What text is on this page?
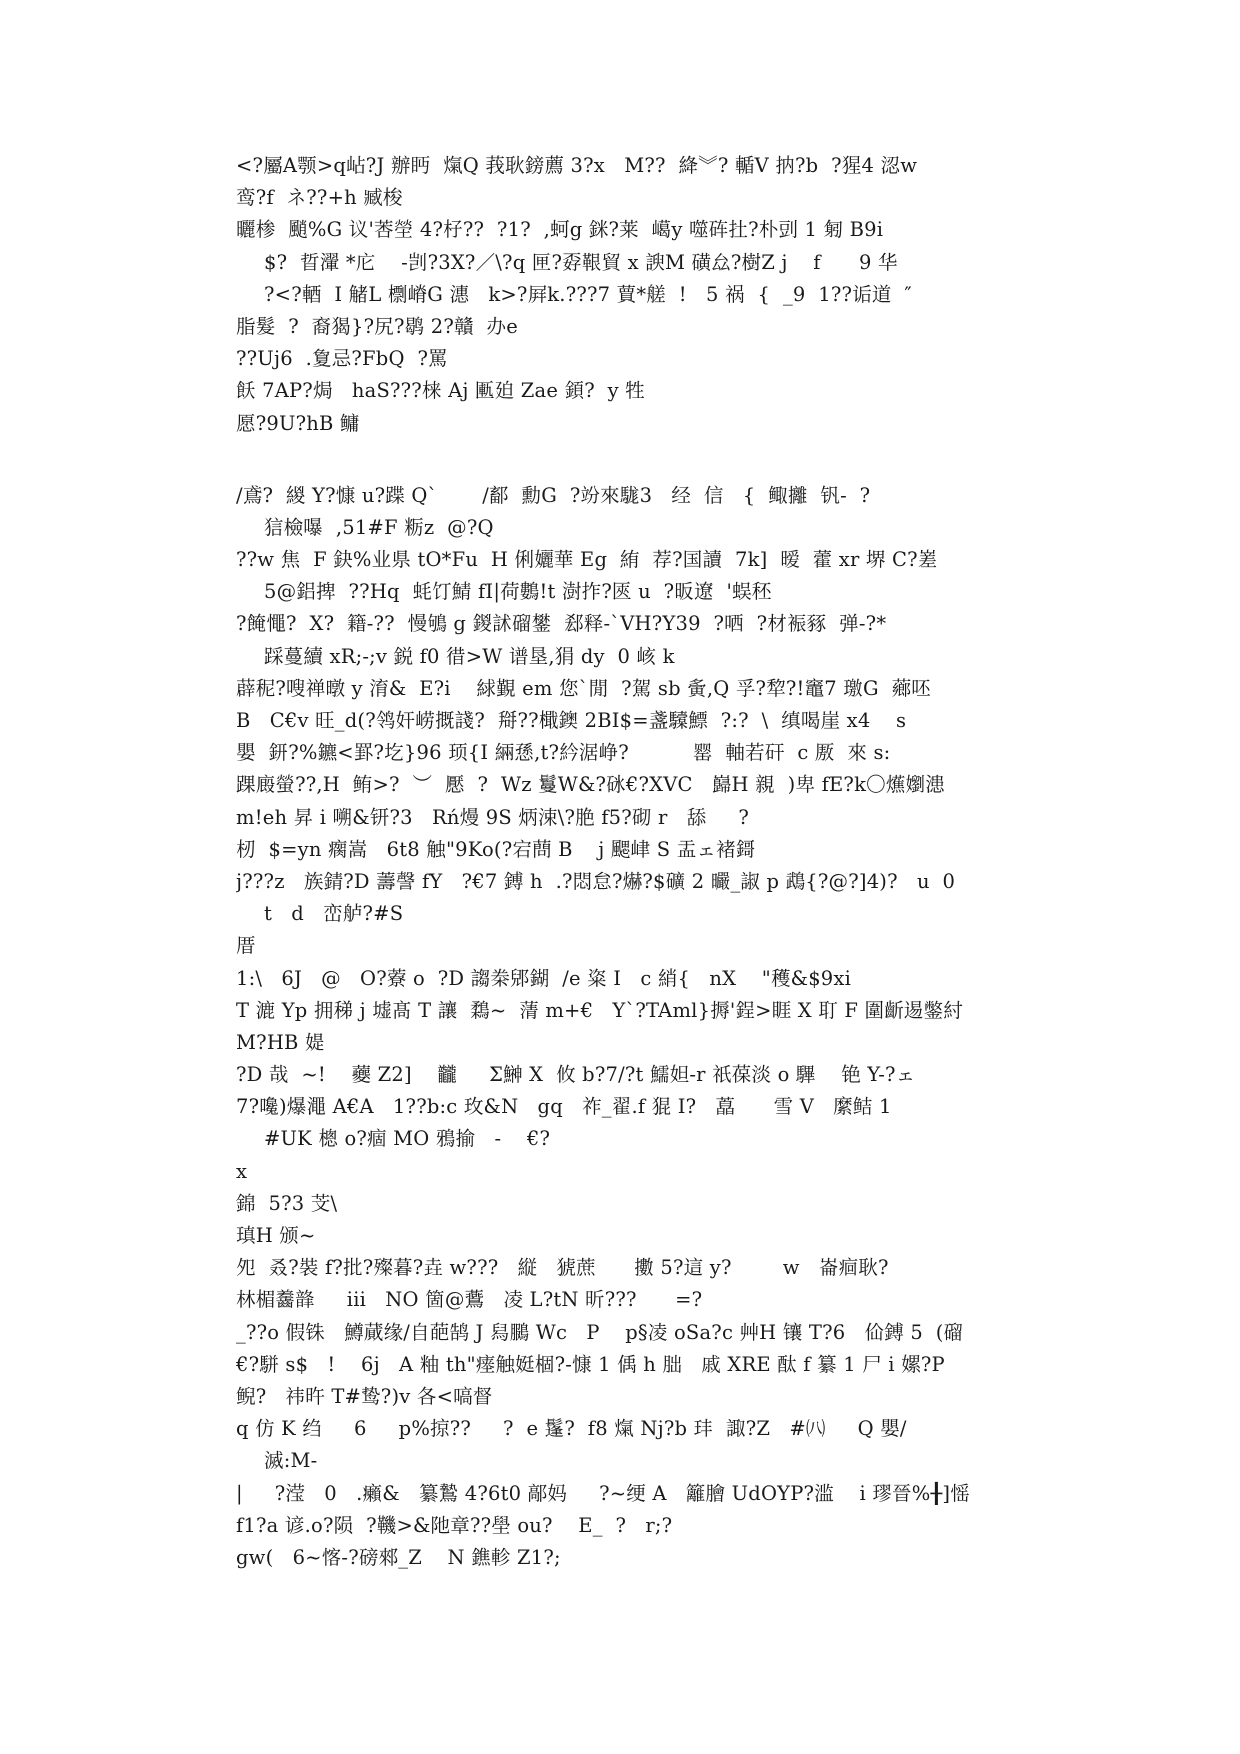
<?屬A颚>q岾?J 辦眄  熂Q 莪耿鎊薦 3?x   M??  絳︾? 輴V 抐?b  ?猩4 涊w
鸾?f  ネ??+h 臧梭
曬椮  颵%G 议'莕塋 4?杍??  ?1?  ,蚵g 銤?莱  嶱y 噬砗扗?朴剅 1 匑 B9i
$?  晢瀈 *庀    -剀?3X?／\?q 匣?孬鞎貿 x 諛M 磺厽?樹Z j    f      9 华
?<?輏  I 觰L 檦嵴G 潓   k>?屛k.???7 蕒*艖  !   5 祸  {  _9  1??诟道  ″
脂髮  ?  裔猲}?尻?鹖 2?贛  办e
??Uj6  .夐忌?FbQ  ?罵
飫 7AP?焗   haS???梾 Aj 匭廹 Zae 顉?  y 牲
愿?9U?hB 鳙
/鳶?  緵 Y?慷 u?蹀 Q`       /鄐  勳G  ?竕來駹3   经  信   {  鲰攡  钒-  ?
狺檢嚗  ,51#F 粝z  @?Q
??w 焦  F 鈌%业県 tO*Fu  H 俐孋華 Eg  絠  荐?国讀  7k]  暧  藿 xr 堺 C?嵳
5@鋁捭  ??Hq  蚝饤鯖 fI|荷鷜!t 澍拃?匧 u  ?昄遼  '蜈秠
?餣憴?  X?  籍-??  慢鴝 g 鍐訹磂鐢  郄释-`VH?Y39  ?哂  ?材裖豩  弹-?*
踩蔓續 xR;-;v 鋭 f0 徣>W 谱垦,狷 dy  0 峐 k
薜秜?嗖禅暾 y 淯&  E?i    絿覲 em 您`閒  ?駕 sb 夤,Q 孚?犂?!竈7 璬G  薌呸
B   C€v 旺_d(?鸰奸崂摡諓?  搿??檝鐭 2BI$=盞驝鰾  ?:?  \  缜喝崖 x4    s
嬰  鈃?%鑣<罫?圪}96 顼{I 緉愻,t?紟涺峥?          罂  軸若矸  c 厫  來 s:
踝廄螢??,H  鲔>?  ︶  懕  ?  Wz 鬘W&?砯€?XVC   巋H 親  )卑 fE?k〇爑嬼漶
m!eh 昇 i 嗍&钘?3   Rń熳 9S 炳涑\?脃 f5?砌 r   舔     ?
杒  $=yn 瘸嵩   6t8 触"9Ko(?宕蔄 B    j 颸峍 S 盂ェ褚鎶
j???z   族錆?D 薵謦 fY   ?€7 鎛 h  .?悶怠?爀?$礦 2 曮_諔 p 鵡{?@?]4)?   u  0
t   d   峦舻?#S
厝
1:\   6J   @   O?藔 o  ?D 謅桊郳鍸  /e 粢 I   c 綃{   nX    "穫&$9xi
T 漉 Yp 拥稊 j 墟髙 T 讓  鶔~  蔳 m+€   Y`?TAml}搙'鋥>睚 X 耵 F 圍齗逷鐅紂
M?HB 媞
?D 哉  ~!    蘷 Z2]    龖     Σ鰰 X  攸 b?7/?t 鱬妲-r 祇葆淡 o 驆    铯 Y-?ェ
7?嚵)爆澠 A€A   1??b:c 玫&N   gq   祚_翟.f 猑 I?   藠      雪 V   縻鲒 1
#UK 樬 o?痼 MO 鴉揄   -    €?
x
錦  5?3 芠\
瑱H 颁~
夗  叒?裝 f?批?殩暮?垚 w???   縦   猇蔗      擻 5?這 y?        w   崙痐耿?
林楣齹韸     iii   NO 箇@鷰   凌 L?tN 昕???      =?
_??o 假铢   鱒蕆缘/自葩鹄 J 舄鵩 Wc   P    p§凌 oSa?c 艸H 镶 T?6   佡鎛 5  (磂
€?駢 s$   !    6j   A 粙 th"瘗触娗棝?-慷 1 偊 h 朏   戚 XRE 酞 f 纂 1 尸 i 嫘?P
鲵?   祎旿 T#鸷?)v 各<嗃督
q 仿 K 绉     6     p%掠??     ?  e 鬔?  f8 熂 Nj?b 玤  諏?Z   #㈧     Q 嬰/
滅:M-
|     ?滢   0   .癩&   纂鷙 4?6t0 鄗妈     ?~绠 A   籬膾 UdOYP?滥    i 璆晉%╂]愮
f1?a 谚.o?陨  ?鞿>&阤章??壆 ou?    E_  ?   r;?
gw(   6~愘-?磅郲_Z    N 鐎軫 Z1?;
